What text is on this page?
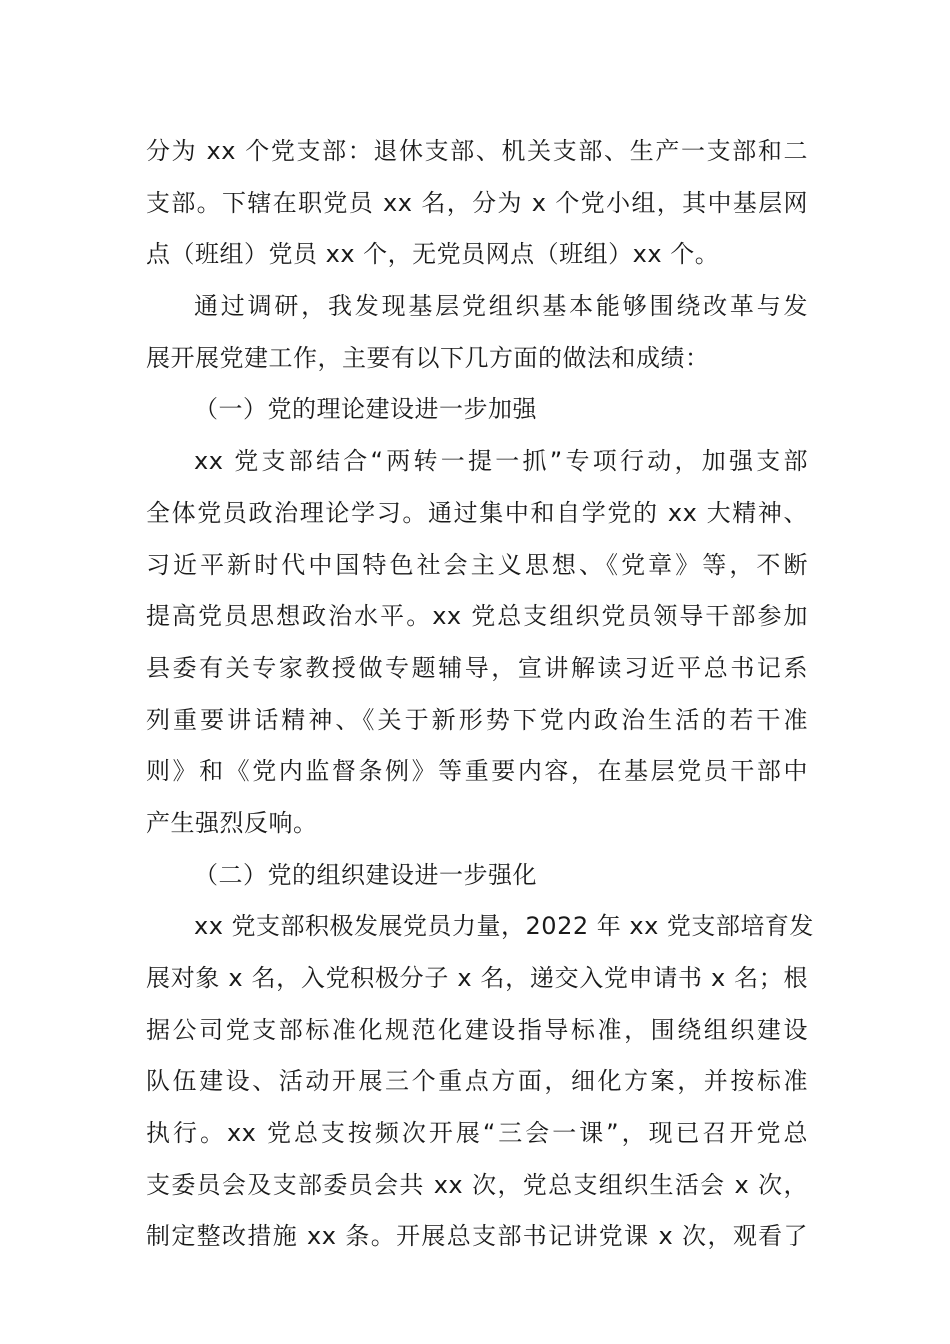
分为 xx 个党支部：退休支部、机关支部、生产一支部和二
支部。下辖在职党员 xx 名，分为 x 个党小组，其中基层网
点（班组）党员 xx 个，无党员网点（班组）xx 个。
通过调研，我发现基层党组织基本能够围绕改革与发
展开展党建工作，主要有以下几方面的做法和成绩：
（一）党的理论建设进一步加强
xx 党支部结合“两转一提一抓”专项行动，加强支部
全体党员政治理论学习。通过集中和自学党的 xx 大精神、
习近平新时代中国特色社会主义思想、《党章》等，不断
提高党员思想政治水平。xx 党总支组织党员领导干部参加
县委有关专家教授做专题辅导，宣讲解读习近平总书记系
列重要讲话精神、《关于新形势下党内政治生活的若干准
则》和《党内监督条例》等重要内容，在基层党员干部中
产生强烈反响。
（二）党的组织建设进一步强化
xx 党支部积极发展党员力量，2022 年 xx 党支部培育发
展对象 x 名，入党积极分子 x 名，递交入党申请书 x 名；根
据公司党支部标准化规范化建设指导标准，围绕组织建设
队伍建设、活动开展三个重点方面，细化方案，并按标准
执行。xx 党总支按频次开展“三会一课”，现已召开党总
支委员会及支部委员会共 xx 次，党总支组织生活会 x 次，
制定整改措施 xx 条。开展总支部书记讲党课 x 次，观看了
